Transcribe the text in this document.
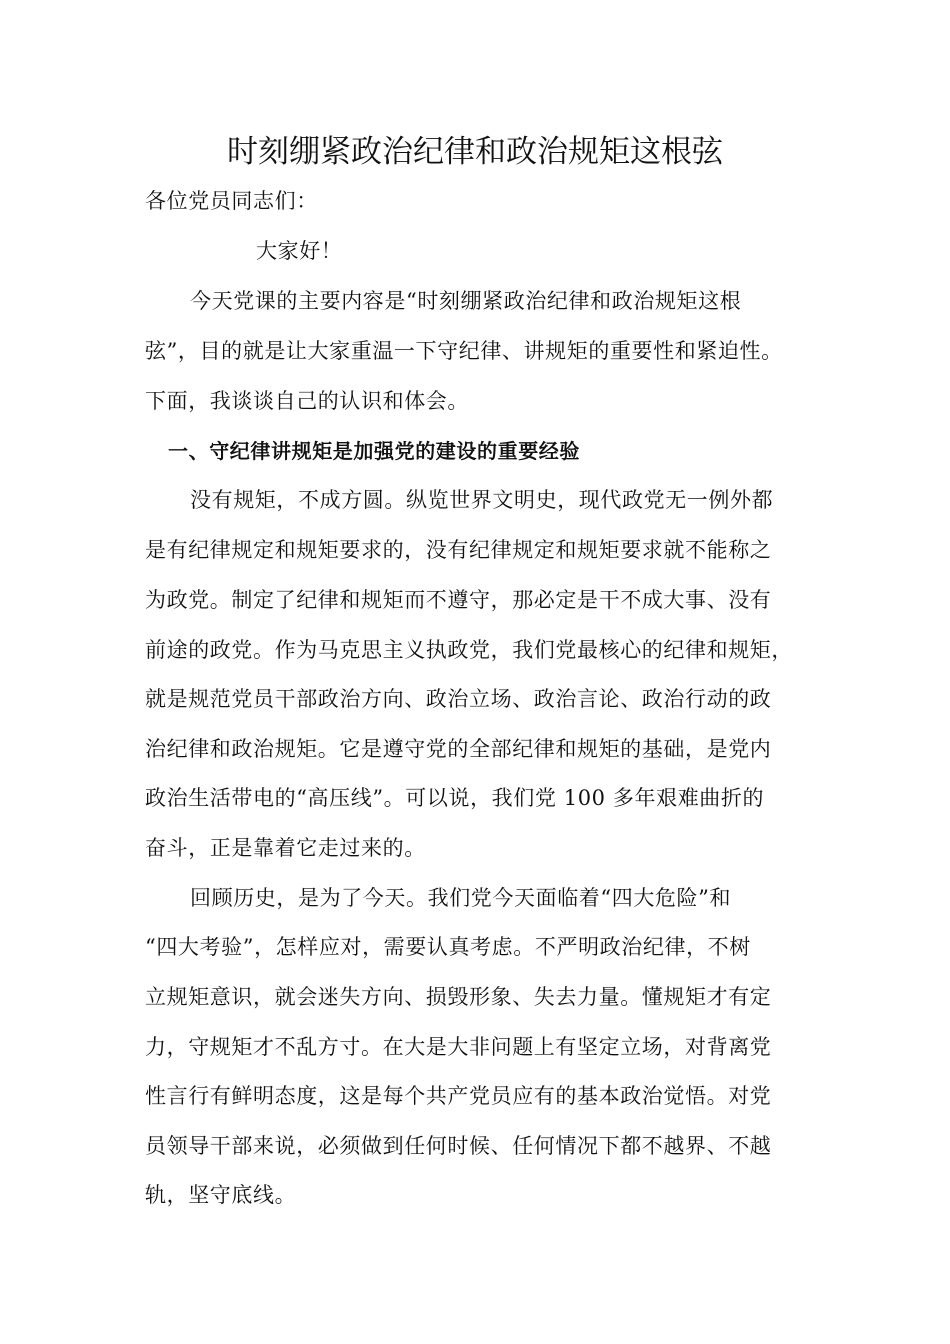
时刻绷紧政治纪律和政治规矩这根弦
各位党员同志们：
大家好！
今天党课的主要内容是“时刻绷紧政治纪律和政治规矩这根
弦”，目的就是让大家重温一下守纪律、讲规矩的重要性和紧迫性。
下面，我谈谈自己的认识和体会。
一、守纪律讲规矩是加强党的建设的重要经验
没有规矩，不成方圆。纵览世界文明史，现代政党无一例外都
是有纪律规定和规矩要求的，没有纪律规定和规矩要求就不能称之
为政党。制定了纪律和规矩而不遵守，那必定是干不成大事、没有
前途的政党。作为马克思主义执政党，我们党最核心的纪律和规矩，
就是规范党员干部政治方向、政治立场、政治言论、政治行动的政
治纪律和政治规矩。它是遵守党的全部纪律和规矩的基础，是党内
政治生活带电的“高压线”。可以说，我们党 100 多年艰难曲折的
奋斗，正是靠着它走过来的。
回顾历史，是为了今天。我们党今天面临着“四大危险”和
“四大考验”，怎样应对，需要认真考虑。不严明政治纪律，不树
立规矩意识，就会迷失方向、损毁形象、失去力量。懂规矩才有定
力，守规矩才不乱方寸。在大是大非问题上有坚定立场，对背离党
性言行有鲜明态度，这是每个共产党员应有的基本政治觉悟。对党
员领导干部来说，必须做到任何时候、任何情况下都不越界、不越
轨，坚守底线。
